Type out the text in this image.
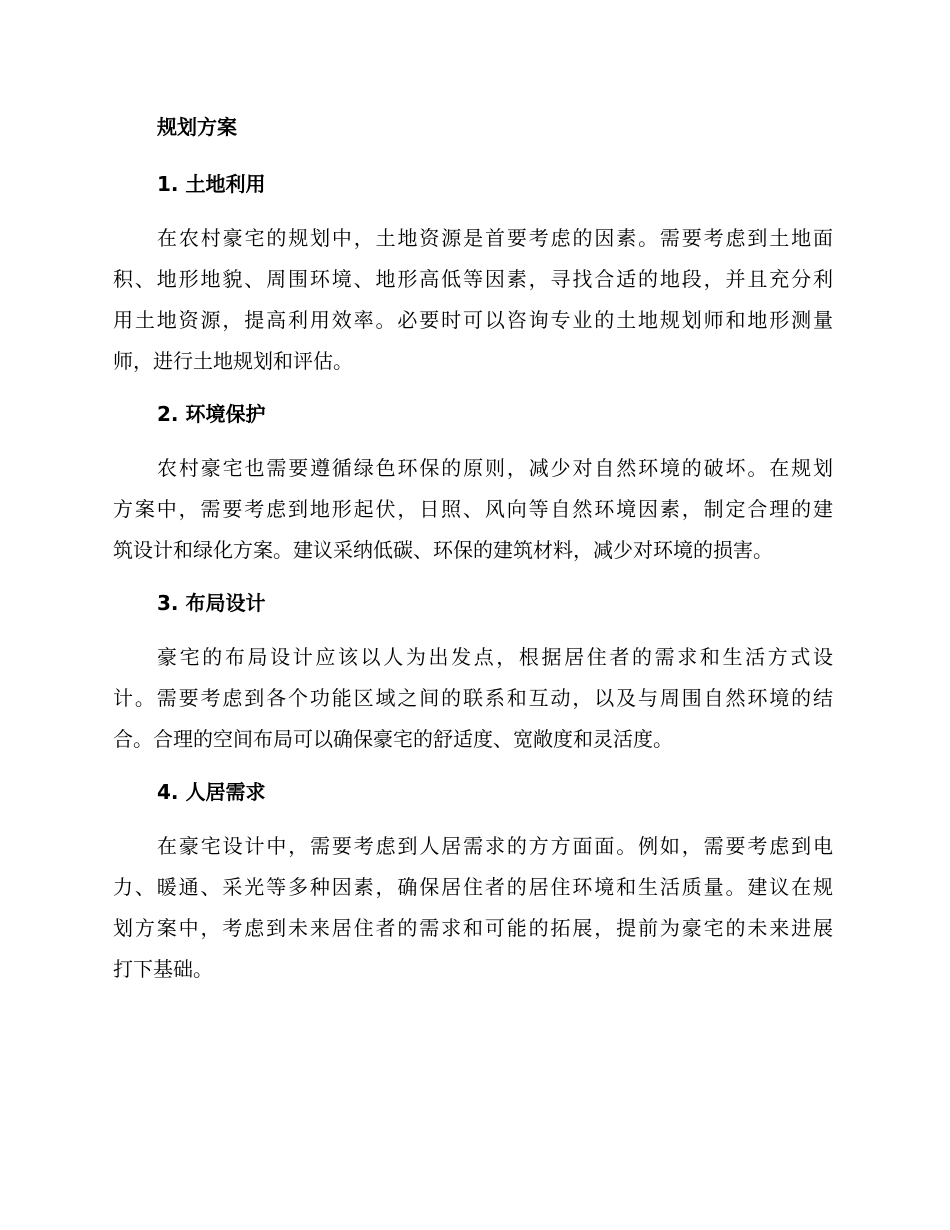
规划方案
1. 土地利用

在农村豪宅的规划中，土地资源是首要考虑的因素。需要考虑到土地面
积、地形地貌、周围环境、地形高低等因素，寻找合适的地段，并且充分利
用土地资源，提高利用效率。必要时可以咨询专业的土地规划师和地形测量
师，进行土地规划和评估。

2. 环境保护

农村豪宅也需要遵循绿色环保的原则，减少对自然环境的破坏。在规划
方案中，需要考虑到地形起伏，日照、风向等自然环境因素，制定合理的建
筑设计和绿化方案。建议采纳低碳、环保的建筑材料，减少对环境的损害。

3. 布局设计

豪宅的布局设计应该以人为出发点，根据居住者的需求和生活方式设
计。需要考虑到各个功能区域之间的联系和互动，以及与周围自然环境的结
合。合理的空间布局可以确保豪宅的舒适度、宽敞度和灵活度。

4. 人居需求

在豪宅设计中，需要考虑到人居需求的方方面面。例如，需要考虑到电
力、暖通、采光等多种因素，确保居住者的居住环境和生活质量。建议在规
划方案中，考虑到未来居住者的需求和可能的拓展，提前为豪宅的未来进展
打下基础。
